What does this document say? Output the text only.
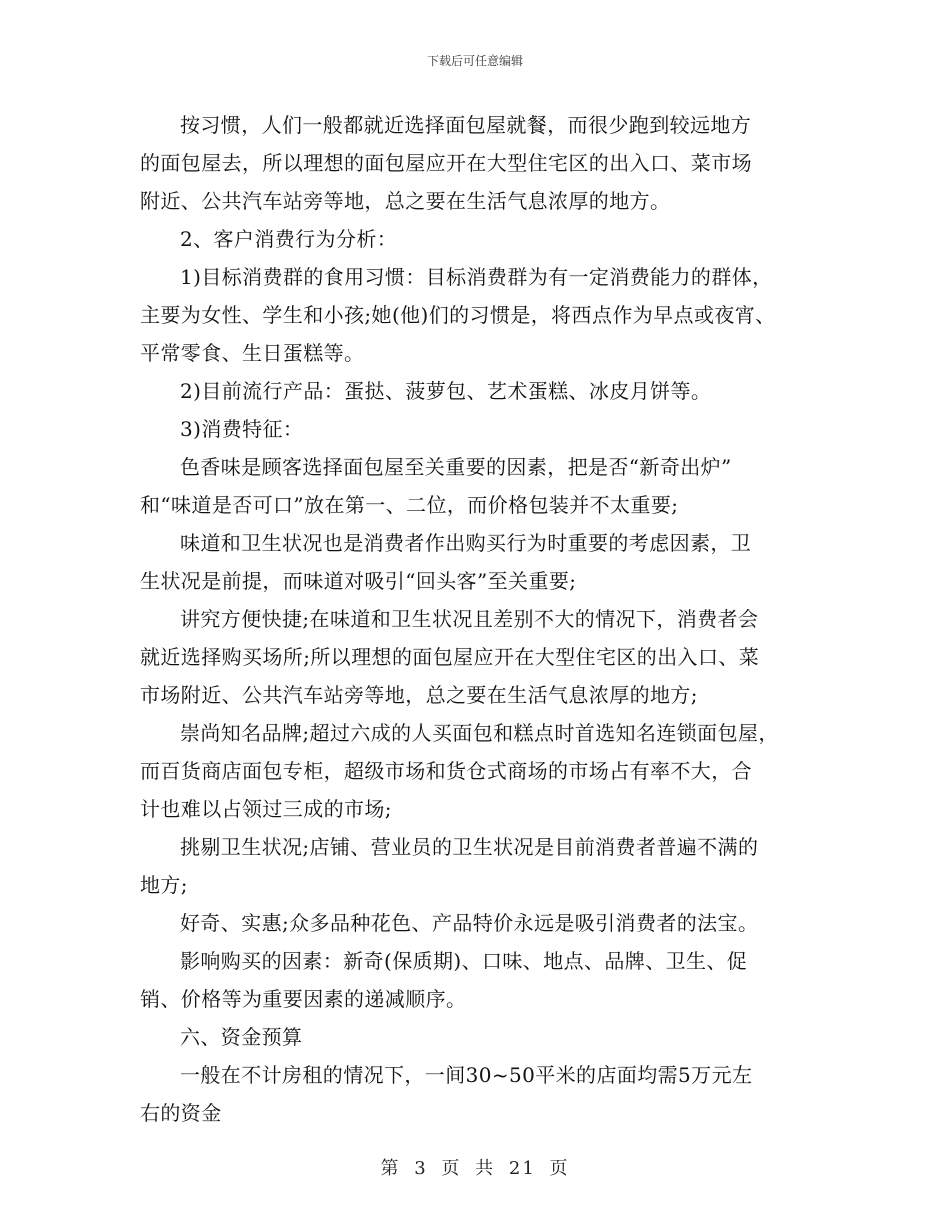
下载后可任意编辑

按习惯，人们一般都就近选择面包屋就餐，而很少跑到较远地方
的面包屋去，所以理想的面包屋应开在大型住宅区的出入口、菜市场
附近、公共汽车站旁等地，总之要在生活气息浓厚的地方。

2、客户消费行为分析：

1)目标消费群的食用习惯：目标消费群为有一定消费能力的群体，
主要为女性、学生和小孩;她(他)们的习惯是，将西点作为早点或夜宵、
平常零食、生日蛋糕等。

2)目前流行产品：蛋挞、菠萝包、艺术蛋糕、冰皮月饼等。

3)消费特征：

色香味是顾客选择面包屋至关重要的因素，把是否“新奇出炉”
和“味道是否可口”放在第一、二位，而价格包装并不太重要;

味道和卫生状况也是消费者作出购买行为时重要的考虑因素，卫
生状况是前提，而味道对吸引“回头客”至关重要;

讲究方便快捷;在味道和卫生状况且差别不大的情况下，消费者会
就近选择购买场所;所以理想的面包屋应开在大型住宅区的出入口、菜
市场附近、公共汽车站旁等地，总之要在生活气息浓厚的地方;

崇尚知名品牌;超过六成的人买面包和糕点时首选知名连锁面包屋，
而百货商店面包专柜，超级市场和货仓式商场的市场占有率不大，合
计也难以占领过三成的市场;

挑剔卫生状况;店铺、营业员的卫生状况是目前消费者普遍不满的
地方;

好奇、实惠;众多品种花色、产品特价永远是吸引消费者的法宝。

影响购买的因素：新奇(保质期)、口味、地点、品牌、卫生、促
销、价格等为重要因素的递减顺序。

六、资金预算

一般在不计房租的情况下，一间30~50平米的店面均需5万元左
右的资金

第 3 页 共 21 页
